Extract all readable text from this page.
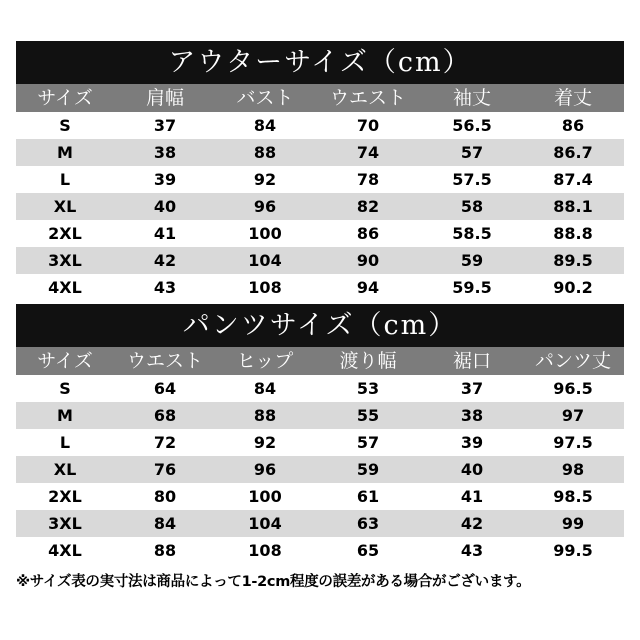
アウターサイズ（cm）
サイズ	肩幅	バスト	ウエスト	袖丈	着丈
S	37	84	70	56.5	86
M	38	88	74	57	86.7
L	39	92	78	57.5	87.4
XL	40	96	82	58	88.1
2XL	41	100	86	58.5	88.8
3XL	42	104	90	59	89.5
4XL	43	108	94	59.5	90.2
パンツサイズ（cm）
サイズ	ウエスト	ヒップ	渡り幅	裾口	パンツ丈
S	64	84	53	37	96.5
M	68	88	55	38	97
L	72	92	57	39	97.5
XL	76	96	59	40	98
2XL	80	100	61	41	98.5
3XL	84	104	63	42	99
4XL	88	108	65	43	99.5
※サイズ表の実寸法は商品によって1-2cm程度の誤差がある場合がございます。
